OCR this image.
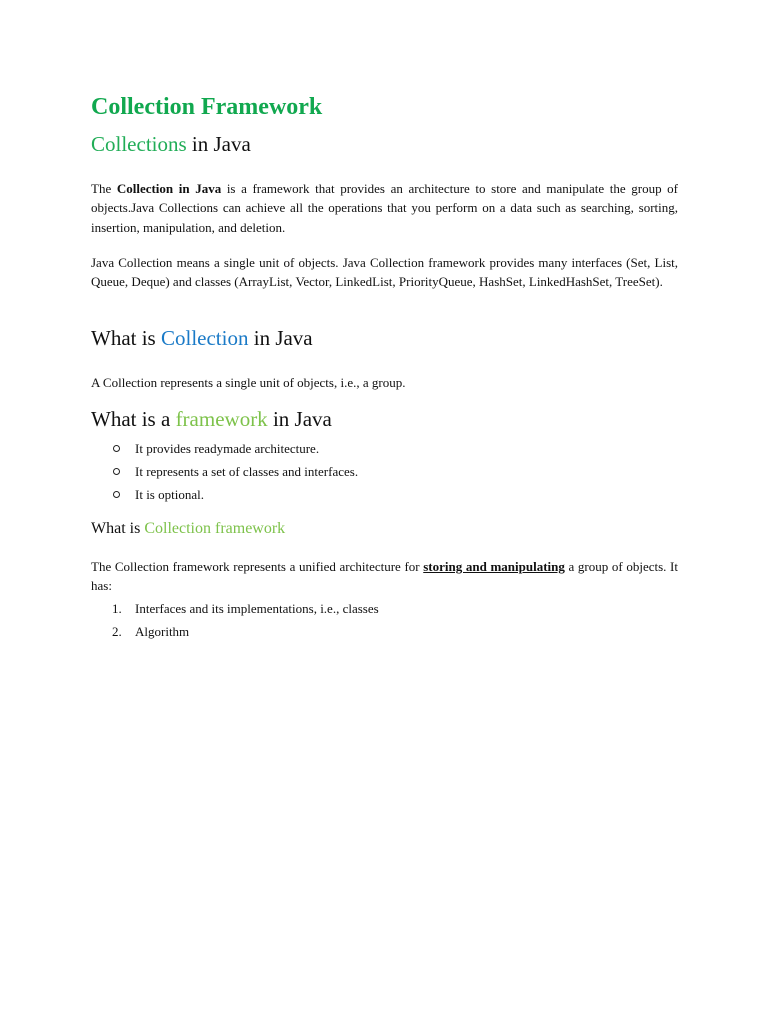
Collection Framework
Collections in Java

The Collection in Java is a framework that provides an architecture to store and manipulate the group of objects.Java Collections can achieve all the operations that you perform on a data such as searching, sorting, insertion, manipulation, and deletion.

Java Collection means a single unit of objects. Java Collection framework provides many interfaces (Set, List, Queue, Deque) and classes (ArrayList, Vector, LinkedList, PriorityQueue, HashSet, LinkedHashSet, TreeSet).

What is Collection in Java

A Collection represents a single unit of objects, i.e., a group.

What is a framework in Java
It provides readymade architecture.
It represents a set of classes and interfaces.
It is optional.
What is Collection framework

The Collection framework represents a unified architecture for storing and manipulating a group of objects. It has:

1. Interfaces and its implementations, i.e., classes
2. Algorithm
